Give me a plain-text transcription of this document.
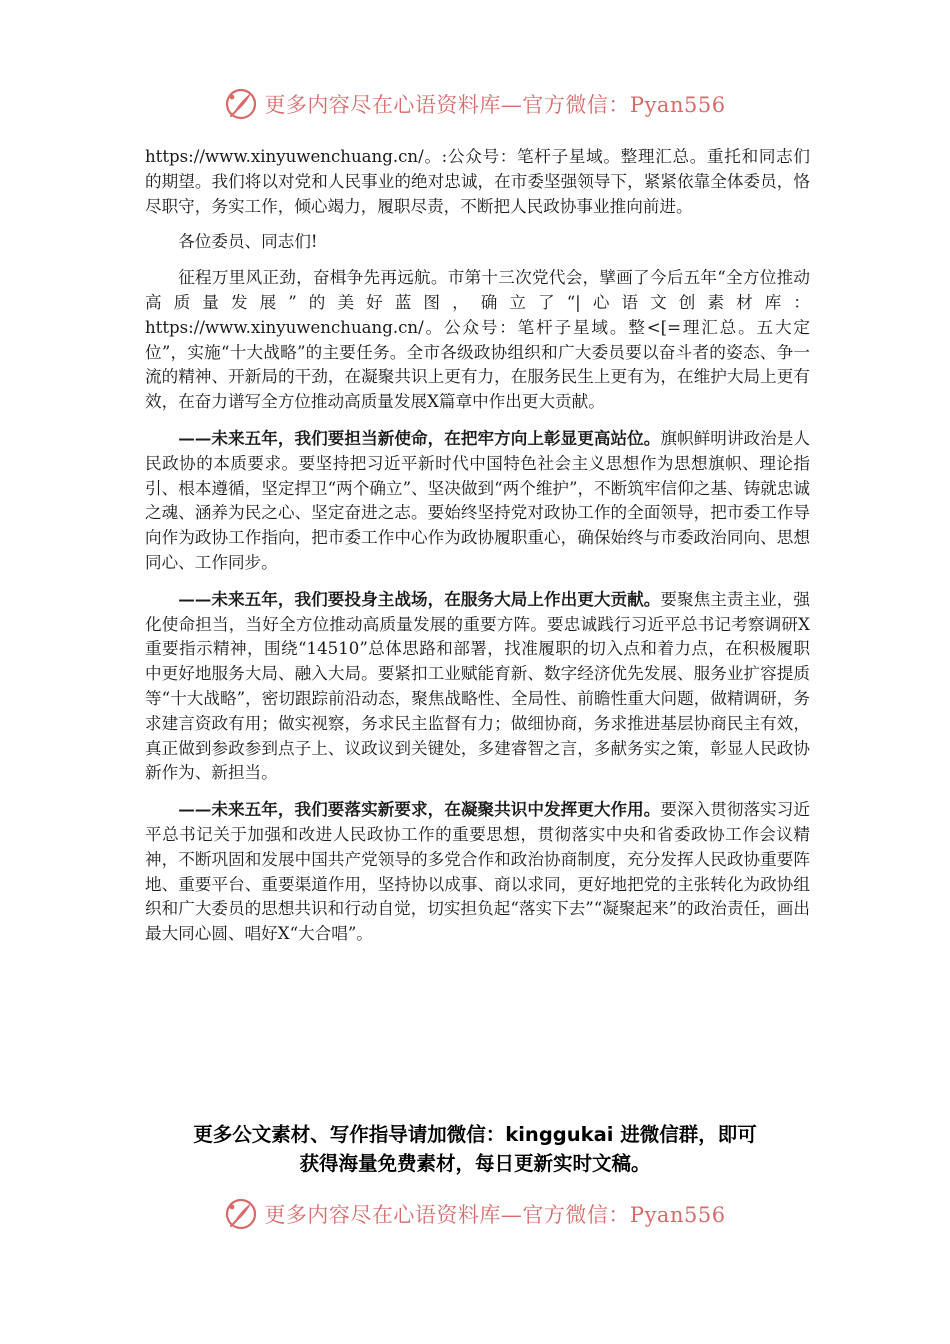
更多内容尽在心语资料库—官方微信：Pyan556

https://www.xinyuwenchuang.cn/。:公众号：笔杆子星域。整理汇总。重托和同志们的期望。我们将以对党和人民事业的绝对忠诚，在市委坚强领导下，紧紧依靠全体委员，恪尽职守，务实工作，倾心竭力，履职尽责，不断把人民政协事业推向前进。

各位委员、同志们!

征程万里风正劲，奋楫争先再远航。市第十三次党代会，擘画了今后五年“全方位推动高质量发展”的美好蓝图，确立了“|心语文创素材库：https://www.xinyuwenchuang.cn/。公众号：笔杆子星域。整<[=理汇总。五大定位”，实施“十大战略”的主要任务。全市各级政协组织和广大委员要以奋斗者的姿态、争一流的精神、开新局的干劲，在凝聚共识上更有力，在服务民生上更有为，在维护大局上更有效，在奋力谱写全方位推动高质量发展X篇章中作出更大贡献。

——未来五年，我们要担当新使命，在把牢方向上彰显更高站位。旗帜鲜明讲政治是人民政协的本质要求。要坚持把习近平新时代中国特色社会主义思想作为思想旗帜、理论指引、根本遵循，坚定捍卫“两个确立”、坚决做到“两个维护”，不断筑牢信仰之基、铸就忠诚之魂、涵养为民之心、坚定奋进之志。要始终坚持党对政协工作的全面领导，把市委工作导向作为政协工作指向，把市委工作中心作为政协履职重心，确保始终与市委政治同向、思想同心、工作同步。

——未来五年，我们要投身主战场，在服务大局上作出更大贡献。要聚焦主责主业，强化使命担当，当好全方位推动高质量发展的重要方阵。要忠诚践行习近平总书记考察调研X重要指示精神，围绕“14510”总体思路和部署，找准履职的切入点和着力点，在积极履职中更好地服务大局、融入大局。要紧扣工业赋能育新、数字经济优先发展、服务业扩容提质等“十大战略”，密切跟踪前沿动态，聚焦战略性、全局性、前瞻性重大问题，做精调研，务求建言资政有用；做实视察，务求民主监督有力；做细协商，务求推进基层协商民主有效，真正做到参政参到点子上、议政议到关键处，多建睿智之言，多献务实之策，彰显人民政协新作为、新担当。

——未来五年，我们要落实新要求，在凝聚共识中发挥更大作用。要深入贯彻落实习近平总书记关于加强和改进人民政协工作的重要思想，贯彻落实中央和省委政协工作会议精神，不断巩固和发展中国共产党领导的多党合作和政治协商制度，充分发挥人民政协重要阵地、重要平台、重要渠道作用，坚持协以成事、商以求同，更好地把党的主张转化为政协组织和广大委员的思想共识和行动自觉，切实担负起“落实下去”“凝聚起来”的政治责任，画出最大同心圆、唱好X“大合唱”。

更多公文素材、写作指导请加微信：kinggukai 进微信群，即可
获得海量免费素材，每日更新实时文稿。
更多内容尽在心语资料库—官方微信：Pyan556
